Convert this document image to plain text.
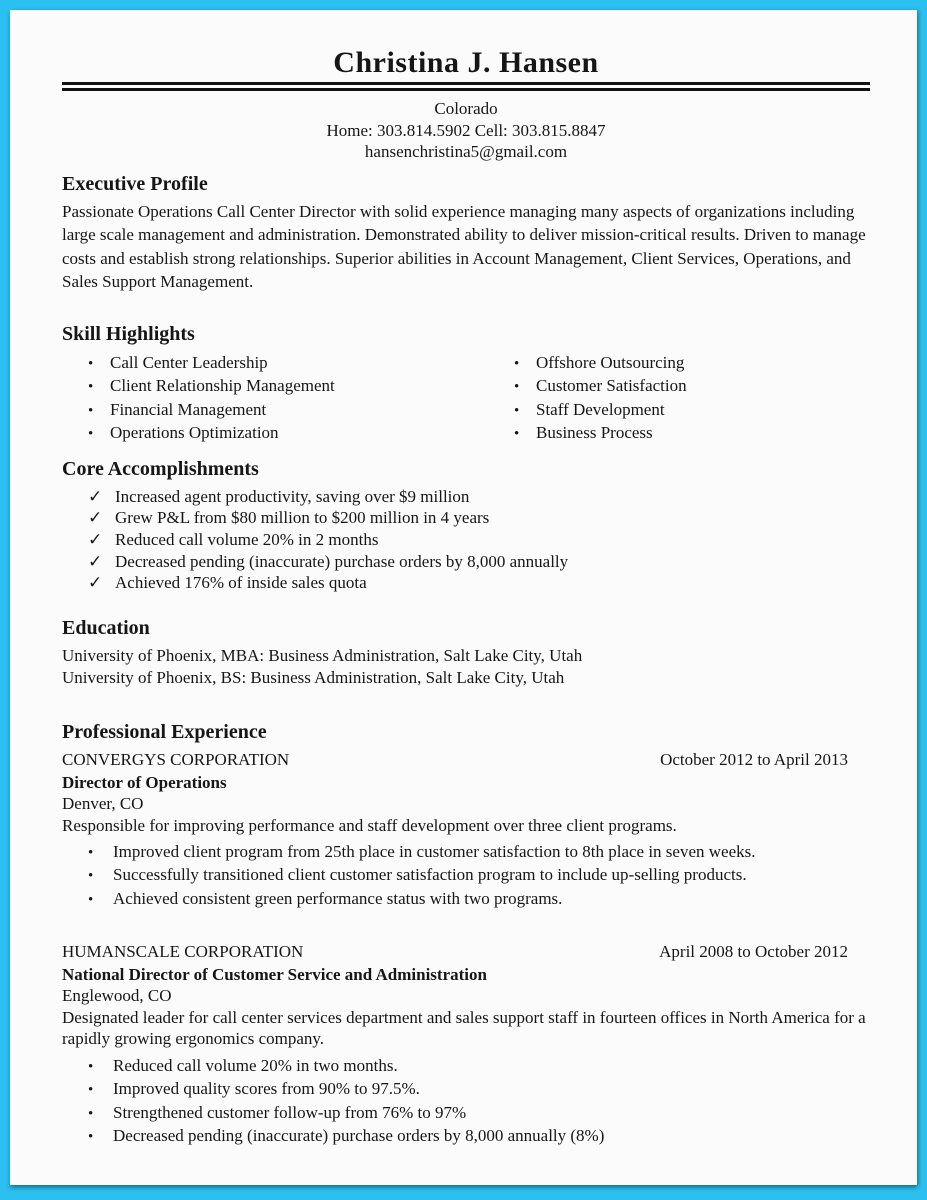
Christina J. Hansen
Colorado
Home: 303.814.5902 Cell: 303.815.8847
hansenchristina5@gmail.com
Executive Profile

Passionate Operations Call Center Director with solid experience managing many aspects of organizations including large scale management and administration. Demonstrated ability to deliver mission-critical results. Driven to manage costs and establish strong relationships. Superior abilities in Account Management, Client Services, Operations, and Sales Support Management.

Skill Highlights
• Call Center Leadership
• Client Relationship Management
• Financial Management
• Operations Optimization
• Offshore Outsourcing
• Customer Satisfaction
• Staff Development
• Business Process
Core Accomplishments
✓ Increased agent productivity, saving over $9 million
✓ Grew P&L from $80 million to $200 million in 4 years
✓ Reduced call volume 20% in 2 months
✓ Decreased pending (inaccurate) purchase orders by 8,000 annually
✓ Achieved 176% of inside sales quota
Education
University of Phoenix, MBA: Business Administration, Salt Lake City, Utah
University of Phoenix, BS: Business Administration, Salt Lake City, Utah
Professional Experience
CONVERGYS CORPORATION	October 2012 to April 2013
Director of Operations
Denver, CO
Responsible for improving performance and staff development over three client programs.
•	Improved client program from 25th place in customer satisfaction to 8th place in seven weeks.
•	Successfully transitioned client customer satisfaction program to include up-selling products.
•	Achieved consistent green performance status with two programs.
HUMANSCALE CORPORATION	April 2008 to October 2012
National Director of Customer Service and Administration
Englewood, CO
Designated leader for call center services department and sales support staff in fourteen offices in North America for a rapidly growing ergonomics company.
•	Reduced call volume 20% in two months.
•	Improved quality scores from 90% to 97.5%.
•	Strengthened customer follow-up from 76% to 97%
•	Decreased pending (inaccurate) purchase orders by 8,000 annually (8%)
